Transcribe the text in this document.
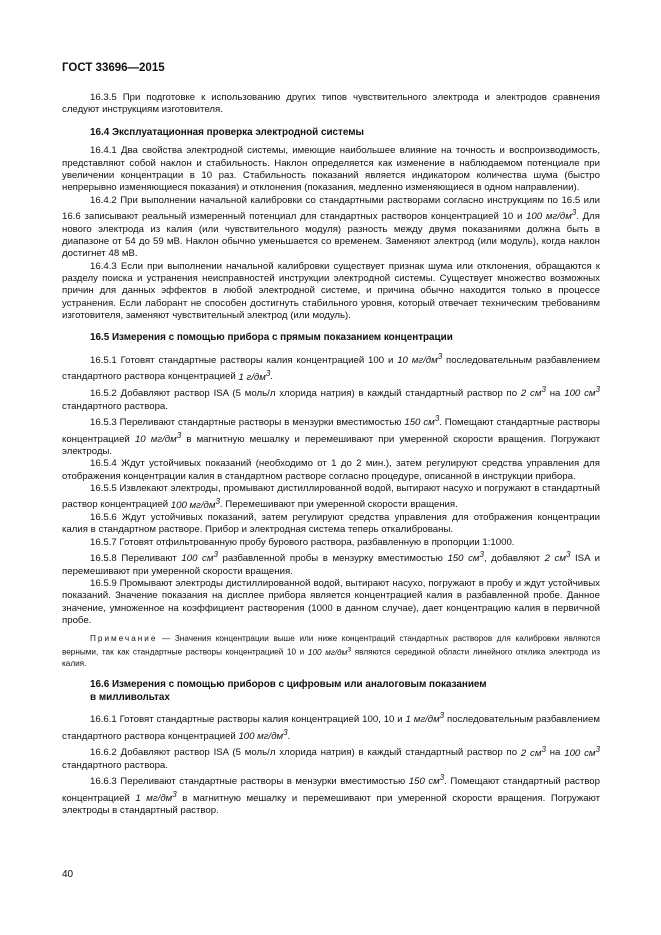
ГОСТ 33696—2015
16.3.5 При подготовке к использованию других типов чувствительного электрода и электродов сравнения следуют инструкциям изготовителя.
16.4 Эксплуатационная проверка электродной системы
16.4.1 Два свойства электродной системы, имеющие наибольшее влияние на точность и воспроизводимость, представляют собой наклон и стабильность. Наклон определяется как изменение в наблюдаемом потенциале при увеличении концентрации в 10 раз. Стабильность показаний является индикатором количества шума (быстро непрерывно изменяющиеся показания) и отклонения (показания, медленно изменяющиеся в одном направлении).
16.4.2 При выполнении начальной калибровки со стандартными растворами согласно инструкциям по 16.5 или 16.6 записывают реальный измеренный потенциал для стандартных растворов концентрацией 10 и 100 $мг/дм^3$. Для нового электрода из калия (или чувствительного модуля) разность между двумя показаниями должна быть в диапазоне от 54 до 59 мВ. Наклон обычно уменьшается со временем. Заменяют электрод (или модуль), когда наклон достигнет 48 мВ.
16.4.3 Если при выполнении начальной калибровки существует признак шума или отклонения, обращаются к разделу поиска и устранения неисправностей инструкции электродной системы. Существует множество возможных причин для данных эффектов в любой электродной системе, и причина обычно находится только в процессе устранения. Если лаборант не способен достигнуть стабильного уровня, который отвечает техническим требованиям изготовителя, заменяют чувствительный электрод (или модуль).
16.5 Измерения с помощью прибора с прямым показанием концентрации
16.5.1 Готовят стандартные растворы калия концентрацией 100 и 10 $мг/дм^3$ последовательным разбавлением стандартного раствора концентрацией 1 $г/дм^3$.
16.5.2 Добавляют раствор ISA (5 моль/л хлорида натрия) в каждый стандартный раствор по 2 $см^3$ на 100 $см^3$ стандартного раствора.
16.5.3 Переливают стандартные растворы в мензурки вместимостью 150 $см^3$. Помещают стандартные растворы концентрацией 10 $мг/дм^3$ в магнитную мешалку и перемешивают при умеренной скорости вращения. Погружают электроды.
16.5.4 Ждут устойчивых показаний (необходимо от 1 до 2 мин.), затем регулируют средства управления для отображения концентрации калия в стандартном растворе согласно процедуре, описанной в инструкции прибора.
16.5.5 Извлекают электроды, промывают дистиллированной водой, вытирают насухо и погружают в стандартный раствор концентрацией 100 $мг/дм^3$. Перемешивают при умеренной скорости вращения.
16.5.6 Ждут устойчивых показаний, затем регулируют средства управления для отображения концентрации калия в стандартном растворе. Прибор и электродная система теперь откалиброваны.
16.5.7 Готовят отфильтрованную пробу бурового раствора, разбавленную в пропорции 1:1000.
16.5.8 Переливают 100 $см^3$ разбавленной пробы в мензурку вместимостью 150 $см^3$, добавляют 2 $см^3$ ISA и перемешивают при умеренной скорости вращения.
16.5.9 Промывают электроды дистиллированной водой, вытирают насухо, погружают в пробу и ждут устойчивых показаний. Значение показания на дисплее прибора является концентрацией калия в разбавленной пробе. Данное значение, умноженное на коэффициент растворения (1000 в данном случае), дает концентрацию калия в первичной пробе.
Примечание — Значения концентрации выше или ниже концентраций стандартных растворов для калибровки являются верными, так как стандартные растворы концентрацией 10 и 100 $мг/дм^3$ являются серединой области линейного отклика электрода из калия.
16.6 Измерения с помощью приборов с цифровым или аналоговым показанием
в милливольтах
16.6.1 Готовят стандартные растворы калия концентрацией 100, 10 и 1 $мг/дм^3$ последовательным разбавлением стандартного раствора концентрацией 100 $мг/дм^3$.
16.6.2 Добавляют раствор ISA (5 моль/л хлорида натрия) в каждый стандартный раствор по 2 $см^3$ на 100 $см^3$ стандартного раствора.
16.6.3 Переливают стандартные растворы в мензурки вместимостью 150 $см^3$. Помещают стандартный раствор концентрацией 1 $мг/дм^3$ в магнитную мешалку и перемешивают при умеренной скорости вращения. Погружают электроды в стандартный раствор.
40
